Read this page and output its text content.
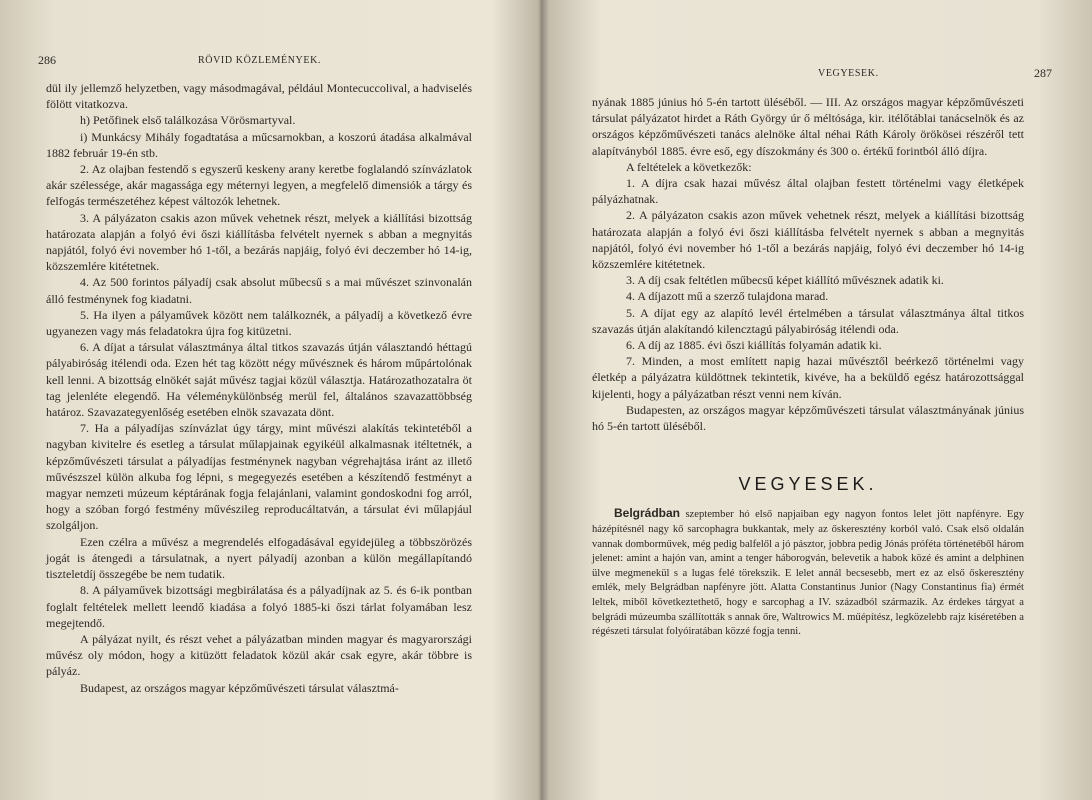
286	RÖVID KÖZLEMÉNYEK.

dül ily jellemző helyzetben, vagy másodmagával, például Montecuccolival, a hadviselés fölött vitatkozva.

h) Petőfinek első találkozása Vörösmartyval.

i) Munkácsy Mihály fogadtatása a műcsarnokban, a koszorú átadása alkalmával 1882 február 19-én stb.

2. Az olajban festendő s egyszerű keskeny arany keretbe foglalandó színvázlatok akár szélessége, akár magassága egy méternyi legyen, a megfelelő dimensiók a tárgy és felfogás természetéhez képest változók lehetnek.

3. A pályázaton csakis azon művek vehetnek részt, melyek a kiállítási bizottság határozata alapján a folyó évi őszi kiállításba felvételt nyernek s abban a megnyitás napjától, folyó évi november hó 1-től, a bezárás napjáig, folyó évi deczember hó 14-ig, közszemlére kitétetnek.

4. Az 500 forintos pályadíj csak absolut műbecsű s a mai művészet szinvonalán álló festménynek fog kiadatni.

5. Ha ilyen a pályaművek között nem találkoznék, a pályadíj a következő évre ugyanezen vagy más feladatokra újra fog kitüzetni.

6. A díjat a társulat választmánya által titkos szavazás útján választandó héttagú pályabiróság itélendi oda. Ezen hét tag között négy művésznek és három műpártolónak kell lenni. A bizottság elnökét saját művész tagjai közül választja. Határozathozatalra öt tag jelenléte elegendő. Ha véleménykülönbség merül fel, általános szavazattöbbség határoz. Szavazategyenlőség esetében elnök szavazata dönt.

7. Ha a pályadíjas színvázlat úgy tárgy, mint művészi alakítás tekintetéből a nagyban kivitelre és esetleg a társulat műlapjainak egyikéül alkalmasnak itéltetnék, a képzőművészeti társulat a pályadíjas festménynek nagyban végrehajtása iránt az illető művészszel külön alkuba fog lépni, s megegyezés esetében a készítendő festményt a magyar nemzeti múzeum képtárának fogja felajánlani, valamint gondoskodni fog arról, hogy a szóban forgó festmény művészileg reproducáltatván, a társulat évi műlapjául szolgáljon.

Ezen czélra a művész a megrendelés elfogadásával egyidejüleg a többszörözés jogát is átengedi a társulatnak, a nyert pályadíj azonban a külön megállapítandó tiszteletdíj összegébe be nem tudatik.

8. A pályaművek bizottsági megbirálatása és a pályadíjnak az 5. és 6-ik pontban foglalt feltételek mellett leendő kiadása a folyó 1885-ki őszi tárlat folyamában lesz megejtendő.

A pályázat nyilt, és részt vehet a pályázatban minden magyar és magyarországi művész oly módon, hogy a kitüzött feladatok közül akár csak egyre, akár többre is pályáz.

Budapest, az országos magyar képzőművészeti társulat választmá-

VEGYESEK.	287

nyának 1885 június hó 5-én tartott üléséből. — III. Az országos magyar képzőművészeti társulat pályázatot hirdet a Ráth György úr ő méltósága, kir. itélőtáblai tanácselnök és az országos képzőművészeti tanács alelnöke által néhai Ráth Károly örökösei részéről tett alapítványból 1885. évre eső, egy díszokmány és 300 o. értékű forintból álló díjra.

A feltételek a következők:

1. A díjra csak hazai művész által olajban festett történelmi vagy életképek pályázhatnak.

2. A pályázaton csakis azon művek vehetnek részt, melyek a kiállítási bizottság határozata alapján a folyó évi őszi kiállításba felvételt nyernek s abban a megnyitás napjától, folyó évi november hó 1-től a bezárás napjáig, folyó évi deczember hó 14-ig közszemlére kitétetnek.

3. A díj csak feltétlen műbecsű képet kiállító művésznek adatik ki.

4. A díjazott mű a szerző tulajdona marad.

5. A díjat egy az alapító levél értelmében a társulat választmánya által titkos szavazás útján alakítandó kilencztagú pályabiróság itélendi oda.

6. A díj az 1885. évi őszi kiállítás folyamán adatik ki.

7. Minden, a most említett napig hazai művésztől beérkező történelmi vagy életkép a pályázatra küldöttnek tekintetik, kivéve, ha a beküldő egész határozottsággal kijelenti, hogy a pályázatban részt venni nem kíván.

Budapesten, az országos magyar képzőművészeti társulat választmányának június hó 5-én tartott üléséből.

VEGYESEK.

Belgrádban szeptember hó első napjaiban egy nagyon fontos lelet jött napfényre. Egy házépítésnél nagy kő sarcophagra bukkantak, mely az őskeresztény korból való. Csak első oldalán vannak domborművek, még pedig balfelől a jó pásztor, jobbra pedig Jónás próféta történetéből három jelenet: amint a hajón van, amint a tenger háborogván, belevetik a habok közé és amint a delphinen ülve megmenekül s a lugas felé törekszik. E lelet annál becsesebb, mert ez az első őskeresztény emlék, mely Belgrádban napfényre jött. Alatta Constantinus Junior (Nagy Constantinus fia) érmét leltek, miből következtethető, hogy e sarcophag a IV. századból származik. Az érdekes tárgyat a belgrádi múzeumba szállították s annak őre, Waltrowics M. műépítész, legközelebb rajz kiséretében a régészeti társulat folyóiratában közzé fogja tenni.
